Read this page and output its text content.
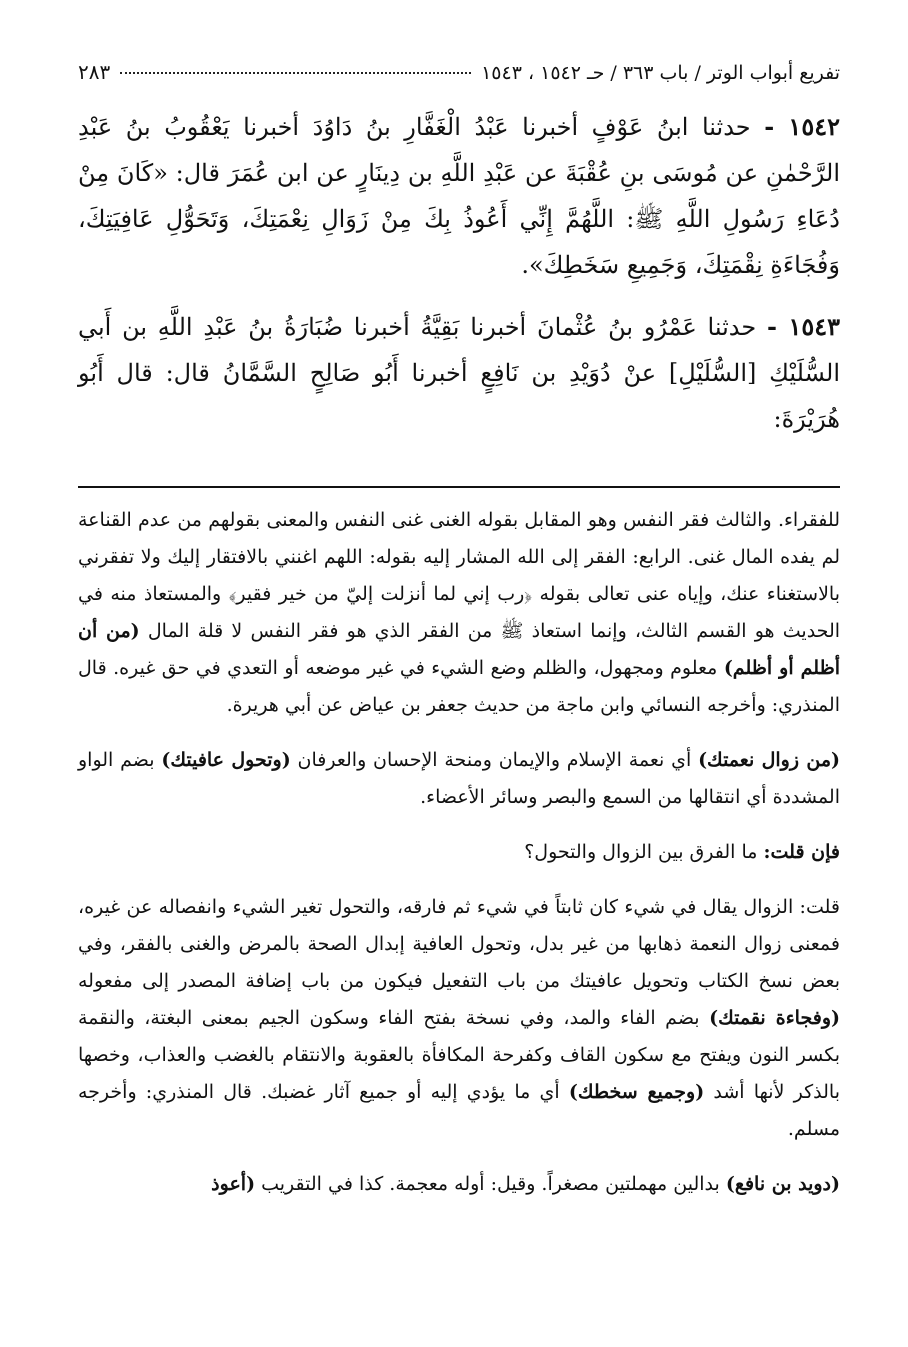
تفريع أبواب الوتر / باب ٣٦٣ / حـ ١٥٤٢ ، ١٥٤٣
٢٨٣
١٥٤٢ - حدثنا ابنُ عَوْفٍ أخبرنا عَبْدُ الْغَفَّارِ بنُ دَاوُدَ أخبرنا يَعْقُوبُ بنُ عَبْدِ الرَّحْمٰنِ عن مُوسَى بنِ عُقْبَةَ عن عَبْدِ اللَّهِ بن دِينَارٍ عن ابن عُمَرَ قال: «كَانَ مِنْ دُعَاءِ رَسُولِ اللَّهِ ﷺ: اللَّهُمَّ إِنِّي أَعُوذُ بِكَ مِنْ زَوَالِ نِعْمَتِكَ، وَتَحَوُّلِ عَافِيَتِكَ، وَفُجَاءَةِ نِقْمَتِكَ، وَجَمِيعِ سَخَطِكَ».
١٥٤٣ - حدثنا عَمْرُو بنُ عُثْمانَ أخبرنا بَقِيَّةُ أخبرنا ضُبَارَةُ بنُ عَبْدِ اللَّهِ بن أَبي السُّلَيْكِ [السُّلَيْلِ] عنْ دُوَيْدِ بن نَافِعٍ أخبرنا أَبُو صَالِحٍ السَّمَّانُ قال: قال أَبُو هُرَيْرَةَ:

للفقراء. والثالث فقر النفس وهو المقابل بقوله الغنى غنى النفس والمعنى بقولهم من عدم القناعة لم يفده المال غنى. الرابع: الفقر إلى الله المشار إليه بقوله: اللهم اغنني بالافتقار إليك ولا تفقرني بالاستغناء عنك، وإياه عنى تعالى بقوله ﴿رب إني لما أنزلت إليّ من خير فقير﴾ والمستعاذ منه في الحديث هو القسم الثالث، وإنما استعاذ ﷺ من الفقر الذي هو فقر النفس لا قلة المال (من أن أظلم أو أظلم) معلوم ومجهول، والظلم وضع الشيء في غير موضعه أو التعدي في حق غيره. قال المنذري: وأخرجه النسائي وابن ماجة من حديث جعفر بن عياض عن أبي هريرة.

(من زوال نعمتك) أي نعمة الإسلام والإيمان ومنحة الإحسان والعرفان (وتحول عافيتك) بضم الواو المشددة أي انتقالها من السمع والبصر وسائر الأعضاء.

فإن قلت: ما الفرق بين الزوال والتحول؟

قلت: الزوال يقال في شيء كان ثابتاً في شيء ثم فارقه، والتحول تغير الشيء وانفصاله عن غيره، فمعنى زوال النعمة ذهابها من غير بدل، وتحول العافية إبدال الصحة بالمرض والغنى بالفقر، وفي بعض نسخ الكتاب وتحويل عافيتك من باب التفعيل فيكون من باب إضافة المصدر إلى مفعوله (وفجاءة نقمتك) بضم الفاء والمد، وفي نسخة بفتح الفاء وسكون الجيم بمعنى البغتة، والنقمة بكسر النون ويفتح مع سكون القاف وكفرحة المكافأة بالعقوبة والانتقام بالغضب والعذاب، وخصها بالذكر لأنها أشد (وجميع سخطك) أي ما يؤدي إليه أو جميع آثار غضبك. قال المنذري: وأخرجه مسلم.

(دويد بن نافع) بدالين مهملتين مصغراً. وقيل: أوله معجمة. كذا في التقريب (أعوذ
